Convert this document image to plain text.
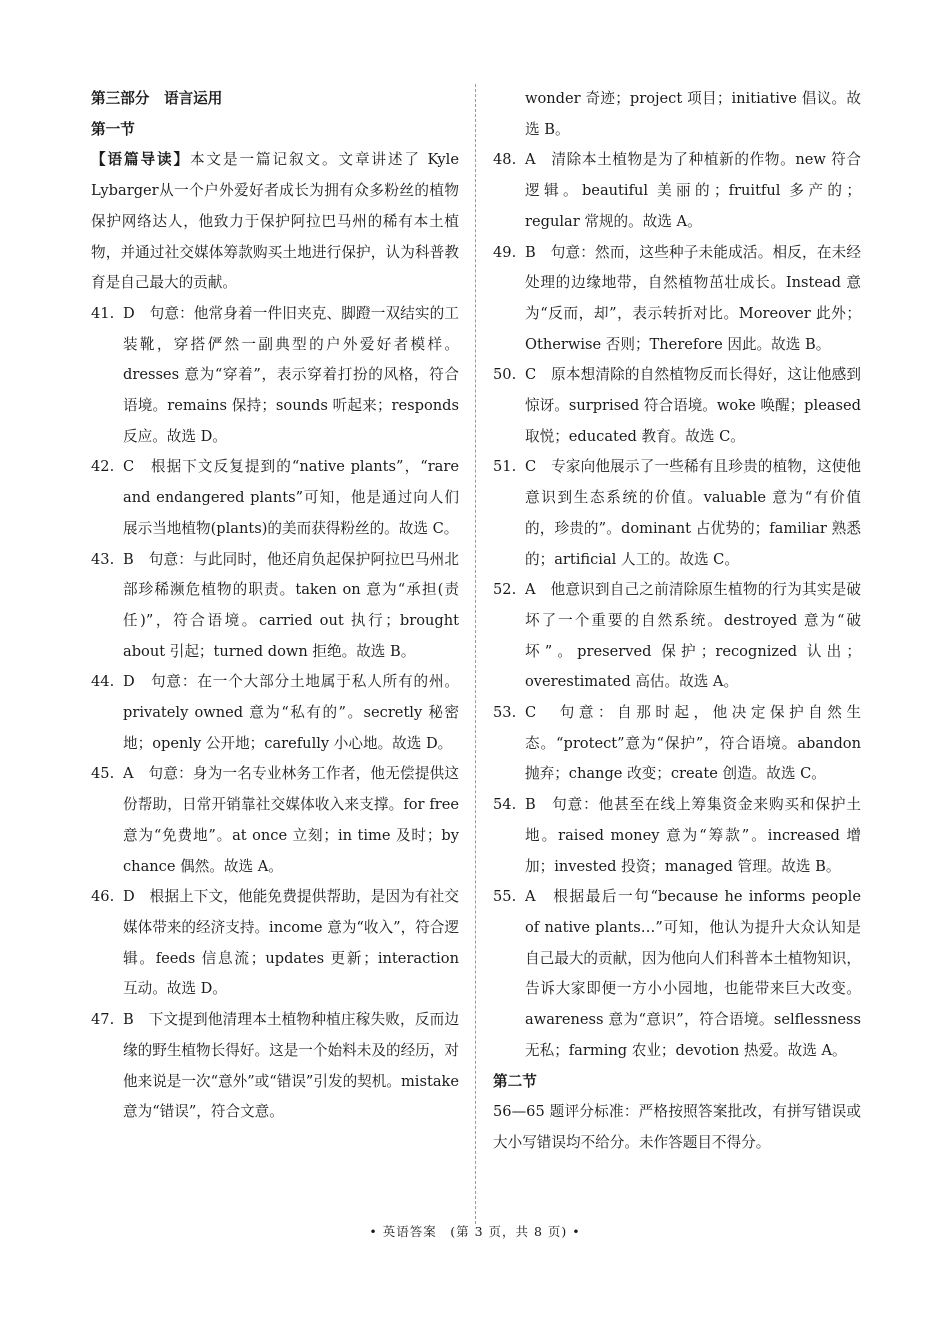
第三部分　语言运用
第一节

【语篇导读】本文是一篇记叙文。文章讲述了 Kyle Lybarger从一个户外爱好者成长为拥有众多粉丝的植物保护网络达人，他致力于保护阿拉巴马州的稀有本土植物，并通过社交媒体筹款购买土地进行保护，认为科普教育是自己最大的贡献。

41. D　句意：他常身着一件旧夹克、脚蹬一双结实的工装靴，穿搭俨然一副典型的户外爱好者模样。dresses 意为“穿着”，表示穿着打扮的风格，符合语境。remains 保持；sounds 听起来；responds 反应。故选 D。

42. C　根据下文反复提到的“native plants”，“rare and endangered plants”可知，他是通过向人们展示当地植物(plants)的美而获得粉丝的。故选 C。

43. B　句意：与此同时，他还肩负起保护阿拉巴马州北部珍稀濒危植物的职责。taken on 意为“承担(责任)”，符合语境。carried out 执行；brought about 引起；turned down 拒绝。故选 B。

44. D　句意：在一个大部分土地属于私人所有的州。privately owned 意为“私有的”。secretly 秘密地；openly 公开地；carefully 小心地。故选 D。

45. A　句意：身为一名专业林务工作者，他无偿提供这份帮助，日常开销靠社交媒体收入来支撑。for free 意为“免费地”。at once 立刻；in time 及时；by chance 偶然。故选 A。

46. D　根据上下文，他能免费提供帮助，是因为有社交媒体带来的经济支持。income 意为“收入”，符合逻辑。feeds 信息流；updates 更新；interaction 互动。故选 D。

47. B　下文提到他清理本土植物种植庄稼失败，反而边缘的野生植物长得好。这是一个始料未及的经历，对他来说是一次“意外”或“错误”引发的契机。mistake 意为“错误”，符合文意。

wonder 奇迹；project 项目；initiative 倡议。故选 B。

48. A　清除本土植物是为了种植新的作物。new 符合逻辑。beautiful 美丽的；fruitful 多产的；regular 常规的。故选 A。

49. B　句意：然而，这些种子未能成活。相反，在未经处理的边缘地带，自然植物茁壮成长。Instead 意为“反而，却”，表示转折对比。Moreover 此外；Otherwise 否则；Therefore 因此。故选 B。

50. C　原本想清除的自然植物反而长得好，这让他感到惊讶。surprised 符合语境。woke 唤醒；pleased 取悦；educated 教育。故选 C。

51. C　专家向他展示了一些稀有且珍贵的植物，这使他意识到生态系统的价值。valuable 意为“有价值的，珍贵的”。dominant 占优势的；familiar 熟悉的；artificial 人工的。故选 C。

52. A　他意识到自己之前清除原生植物的行为其实是破坏了一个重要的自然系统。destroyed 意为“破坏”。preserved 保护；recognized 认出；overestimated 高估。故选 A。

53. C　句意：自那时起，他决定保护自然生态。“protect”意为“保护”，符合语境。abandon 抛弃；change 改变；create 创造。故选 C。

54. B　句意：他甚至在线上筹集资金来购买和保护土地。raised money 意为“筹款”。increased 增加；invested 投资；managed 管理。故选 B。

55. A　根据最后一句“because he informs people of native plants…”可知，他认为提升大众认知是自己最大的贡献，因为他向人们科普本土植物知识，告诉大家即便一方小小园地，也能带来巨大改变。awareness 意为“意识”，符合语境。selflessness 无私；farming 农业；devotion 热爱。故选 A。

第二节

56—65 题评分标准：严格按照答案批改，有拼写错误或大小写错误均不给分。未作答题目不得分。

• 英语答案　(第 3 页，共 8 页) •
